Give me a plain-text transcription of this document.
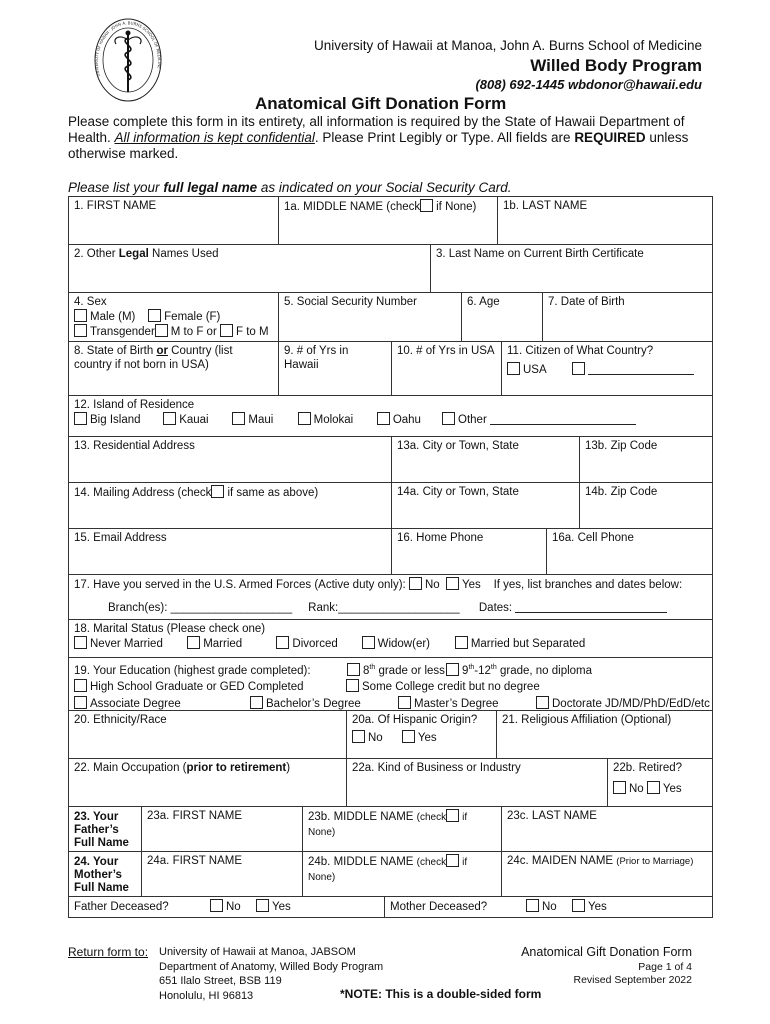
UNIVERSITY OF HAWAII · JOHN A. BURNS SCHOOL OF MEDICINE
University of Hawaii at Manoa, John A. Burns School of Medicine
Willed Body Program
(808) 692-1445 wbdonor@hawaii.edu
Anatomical Gift Donation Form
Please complete this form in its entirety, all information is required by the State of Hawaii Department of Health. All information is kept confidential. Please Print Legibly or Type. All fields are REQUIRED unless otherwise marked.
Please list your full legal name as indicated on your Social Security Card.
1. FIRST NAME	1a. MIDDLE NAME (check if None)	1b. LAST NAME
2. Other Legal Names Used	3. Last Name on Current Birth Certificate
4. Sex
Male (M)	Female (F)
Transgender M to F or F to M
5. Social Security Number	6. Age	7. Date of Birth
8. State of Birth or Country (list country if not born in USA)
9. # of Yrs in Hawaii
10. # of Yrs in USA	11. Citizen of What Country?
USA
12. Island of Residence
Big Island	Kauai	Maui	Molokai	Oahu	Other
13. Residential Address	13a. City or Town, State	13b. Zip Code
14. Mailing Address (check if same as above)	14a. City or Town, State	14b. Zip Code
15. Email Address	16. Home Phone	16a. Cell Phone
17. Have you served in the U.S. Armed Forces (Active duty only): No Yes If yes, list branches and dates below:
Branch(es): ___________________ Rank:___________________ Dates:
18. Marital Status (Please check one)
Never Married	Married	Divorced	Widow(er)	Married but Separated
19. Your Education (highest grade completed):	8th grade or less 9th-12th grade, no diploma
High School Graduate or GED Completed	Some College credit but no degree
Associate Degree	Bachelor’s Degree	Master’s Degree	Doctorate JD/MD/PhD/EdD/etc
20. Ethnicity/Race	20a. Of Hispanic Origin?
No	Yes
21. Religious Affiliation (Optional)
22. Main Occupation (prior to retirement)	22a. Kind of Business or Industry	22b. Retired?
No Yes
23. Your Father’s Full Name
23a. FIRST NAME	23b. MIDDLE NAME (check if
None)
23c. LAST NAME
24. Your Mother’s Full Name
24a. FIRST NAME	24b. MIDDLE NAME (check if
None)
24c. MAIDEN NAME (Prior to Marriage)
Father Deceased?	No	Yes	Mother Deceased?	No	Yes
Return form to: University of Hawaii at Manoa, JABSOM
Department of Anatomy, Willed Body Program
651 Ilalo Street, BSB 119
Honolulu, HI 96813	*NOTE: This is a double-sided form
Anatomical Gift Donation Form
Page 1 of 4
Revised September 2022
